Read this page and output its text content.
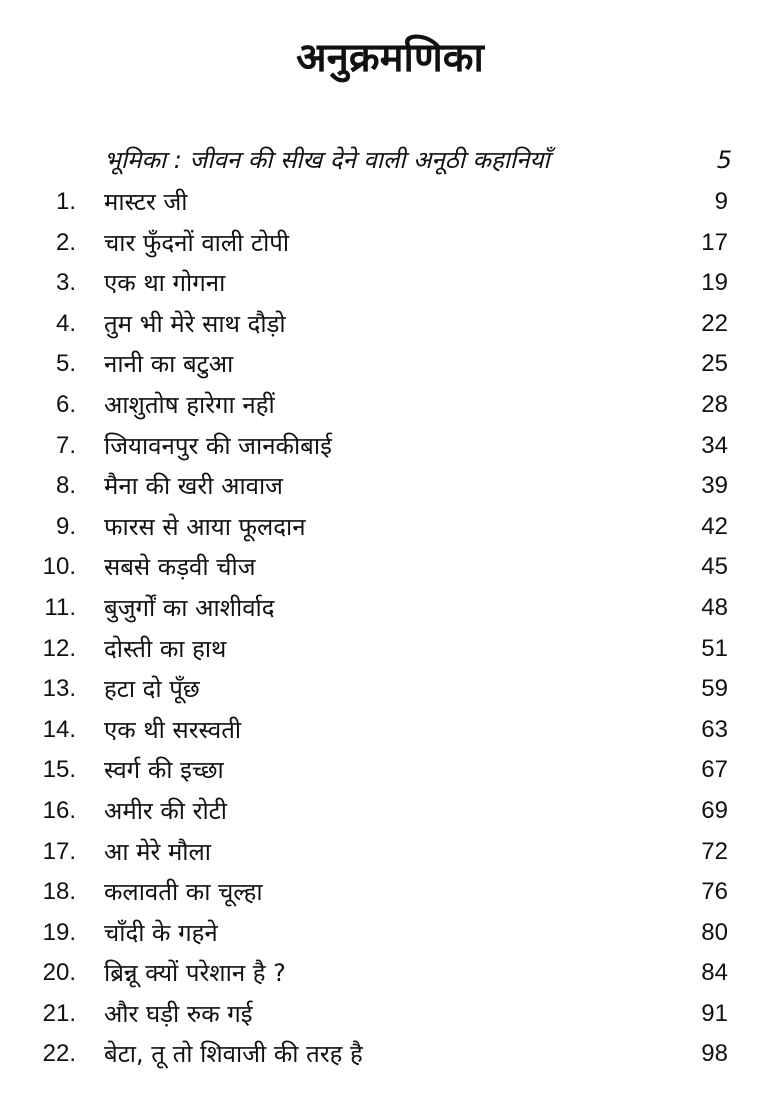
अनुक्रमणिका
भूमिका : जीवन की सीख देने वाली अनूठी कहानियाँ	5
1. मास्टर जी	9
2. चार फुँदनों वाली टोपी	17
3. एक था गोगना	19
4. तुम भी मेरे साथ दौड़ो	22
5. नानी का बटुआ	25
6. आशुतोष हारेगा नहीं	28
7. जियावनपुर की जानकीबाई	34
8. मैना की खरी आवाज	39
9. फारस से आया फूलदान	42
10. सबसे कड़वी चीज	45
11. बुजुर्गों का आशीर्वाद	48
12. दोस्ती का हाथ	51
13. हटा दो पूँछ	59
14. एक थी सरस्वती	63
15. स्वर्ग की इच्छा	67
16. अमीर की रोटी	69
17. आ मेरे मौला	72
18. कलावती का चूल्हा	76
19. चाँदी के गहने	80
20. ब्रिन्नू क्यों परेशान है ?	84
21. और घड़ी रुक गई	91
22. बेटा, तू तो शिवाजी की तरह है	98
